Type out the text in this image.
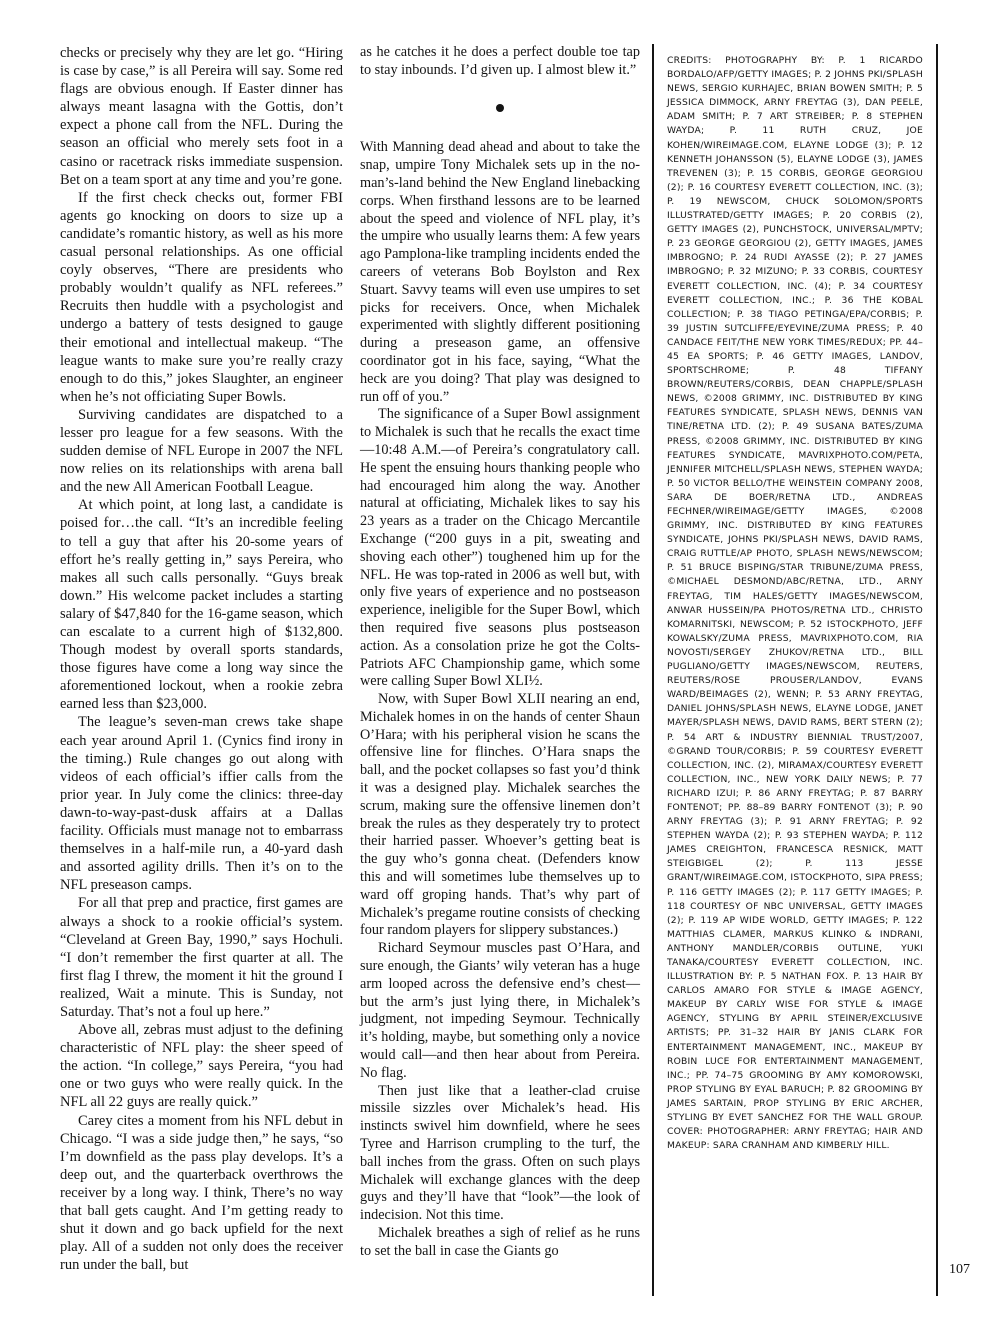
checks or precisely why they are let go. “Hiring is case by case,” is all Pereira will say. Some red flags are obvious enough. If Easter dinner has always meant lasagna with the Gottis, don’t expect a phone call from the NFL. During the season an official who merely sets foot in a casino or racetrack risks immediate suspension. Bet on a team sport at any time and you’re gone.

If the first check checks out, former FBI agents go knocking on doors to size up a candidate’s romantic history, as well as his more casual personal relationships. As one official coyly observes, “There are presidents who probably wouldn’t qualify as NFL referees.” Recruits then huddle with a psychologist and undergo a battery of tests designed to gauge their emotional and intellectual makeup. “The league wants to make sure you’re really crazy enough to do this,” jokes Slaughter, an engineer when he’s not officiating Super Bowls.

Surviving candidates are dispatched to a lesser pro league for a few seasons. With the sudden demise of NFL Europe in 2007 the NFL now relies on its relationships with arena ball and the new All American Football League.

At which point, at long last, a candidate is poised for…the call. “It’s an incredible feeling to tell a guy that after his 20-some years of effort he’s really getting in,” says Pereira, who makes all such calls personally. “Guys break down.” His welcome packet includes a starting salary of $47,840 for the 16-game season, which can escalate to a current high of $132,800. Though modest by overall sports standards, those figures have come a long way since the aforementioned lockout, when a rookie zebra earned less than $23,000.

The league’s seven-man crews take shape each year around April 1. (Cynics find irony in the timing.) Rule changes go out along with videos of each official’s iffier calls from the prior year. In July come the clinics: three-day dawn-to-way-past-dusk affairs at a Dallas facility. Officials must manage not to embarrass themselves in a half-mile run, a 40-yard dash and assorted agility drills. Then it’s on to the NFL preseason camps.

For all that prep and practice, first games are always a shock to a rookie official’s system. “Cleveland at Green Bay, 1990,” says Hochuli. “I don’t remember the first quarter at all. The first flag I threw, the moment it hit the ground I realized, Wait a minute. This is Sunday, not Saturday. That’s not a foul up here.”

Above all, zebras must adjust to the defining characteristic of NFL play: the sheer speed of the action. “In college,” says Pereira, “you had one or two guys who were really quick. In the NFL all 22 guys are really quick.”

Carey cites a moment from his NFL debut in Chicago. “I was a side judge then,” he says, “so I’m downfield as the pass play develops. It’s a deep out, and the quarterback overthrows the receiver by a long way. I think, There’s no way that ball gets caught. And I’m getting ready to shut it down and go back upfield for the next play. All of a sudden not only does the receiver run under the ball, but

as he catches it he does a perfect double toe tap to stay inbounds. I’d given up. I almost blew it.”

With Manning dead ahead and about to take the snap, umpire Tony Michalek sets up in the no-man’s-land behind the New England linebacking corps. When firsthand lessons are to be learned about the speed and violence of NFL play, it’s the umpire who usually learns them: A few years ago Pamplona-like trampling incidents ended the careers of veterans Bob Boylston and Rex Stuart. Savvy teams will even use umpires to set picks for receivers. Once, when Michalek experimented with slightly different positioning during a preseason game, an offensive coordinator got in his face, saying, “What the heck are you doing? That play was designed to run off of you.”

The significance of a Super Bowl assignment to Michalek is such that he recalls the exact time—10:48 A.M.—of Pereira’s congratulatory call. He spent the ensuing hours thanking people who had encouraged him along the way. Another natural at officiating, Michalek likes to say his 23 years as a trader on the Chicago Mercantile Exchange (“200 guys in a pit, sweating and shoving each other”) toughened him up for the NFL. He was top-rated in 2006 as well but, with only five years of experience and no postseason experience, ineligible for the Super Bowl, which then required five seasons plus postseason action. As a consolation prize he got the Colts-Patriots AFC Championship game, which some were calling Super Bowl XLI½.

Now, with Super Bowl XLII nearing an end, Michalek homes in on the hands of center Shaun O’Hara; with his peripheral vision he scans the offensive line for flinches. O’Hara snaps the ball, and the pocket collapses so fast you’d think it was a designed play. Michalek searches the scrum, making sure the offensive linemen don’t break the rules as they desperately try to protect their harried passer. Whoever’s getting beat is the guy who’s gonna cheat. (Defenders know this and will sometimes lube themselves up to ward off groping hands. That’s why part of Michalek’s pregame routine consists of checking four random players for slippery substances.)

Richard Seymour muscles past O’Hara, and sure enough, the Giants’ wily veteran has a huge arm looped across the defensive end’s chest—but the arm’s just lying there, in Michalek’s judgment, not impeding Seymour. Technically it’s holding, maybe, but something only a novice would call—and then hear about from Pereira. No flag.

Then just like that a leather-clad cruise missile sizzles over Michalek’s head. His instincts swivel him downfield, where he sees Tyree and Harrison crumpling to the turf, the ball inches from the grass. Often on such plays Michalek will exchange glances with the deep guys and they’ll have that “look”—the look of indecision. Not this time.

Michalek breathes a sigh of relief as he runs to set the ball in case the Giants go

CREDITS: PHOTOGRAPHY BY: P. 1 RICARDO BORDALO/AFP/GETTY IMAGES; P. 2 JOHNS PKI/SPLASH NEWS, SERGIO KURHAJEC, BRIAN BOWEN SMITH; P. 5 JESSICA DIMMOCK, ARNY FREYTAG (3), DAN PEELE, ADAM SMITH; P. 7 ART STREIBER; P. 8 STEPHEN WAYDA; P. 11 RUTH CRUZ, JOE KOHEN/WIREIMAGE.COM, ELAYNE LODGE (3); P. 12 KENNETH JOHANSSON (5), ELAYNE LODGE (3), JAMES TREVENEN (3); P. 15 CORBIS, GEORGE GEORGIOU (2); P. 16 COURTESY EVERETT COLLECTION, INC. (3); P. 19 NEWSCOM, CHUCK SOLOMON/SPORTS ILLUSTRATED/GETTY IMAGES; P. 20 CORBIS (2), GETTY IMAGES (2), PUNCHSTOCK, UNIVERSAL/MPTV; P. 23 GEORGE GEORGIOU (2), GETTY IMAGES, JAMES IMBROGNO; P. 24 RUDI AYASSE (2); P. 27 JAMES IMBROGNO; P. 32 MIZUNO; P. 33 CORBIS, COURTESY EVERETT COLLECTION, INC. (4); P. 34 COURTESY EVERETT COLLECTION, INC.; P. 36 THE KOBAL COLLECTION; P. 38 TIAGO PETINGA/EPA/CORBIS; P. 39 JUSTIN SUTCLIFFE/EYEVINE/ZUMA PRESS; P. 40 CANDACE FEIT/THE NEW YORK TIMES/REDUX; PP. 44–45 EA SPORTS; P. 46 GETTY IMAGES, LANDOV, SPORTSCHROME; P. 48 TIFFANY BROWN/REUTERS/CORBIS, DEAN CHAPPLE/SPLASH NEWS, ©2008 GRIMMY, INC. DISTRIBUTED BY KING FEATURES SYNDICATE, SPLASH NEWS, DENNIS VAN TINE/RETNA LTD. (2); P. 49 SUSANA BATES/ZUMA PRESS, ©2008 GRIMMY, INC. DISTRIBUTED BY KING FEATURES SYNDICATE, MAVRIXPHOTO.COM/PETA, JENNIFER MITCHELL/SPLASH NEWS, STEPHEN WAYDA; P. 50 VICTOR BELLO/THE WEINSTEIN COMPANY 2008, SARA DE BOER/RETNA LTD., ANDREAS FECHNER/WIREIMAGE/GETTY IMAGES, ©2008 GRIMMY, INC. DISTRIBUTED BY KING FEATURES SYNDICATE, JOHNS PKI/SPLASH NEWS, DAVID RAMS, CRAIG RUTTLE/AP PHOTO, SPLASH NEWS/NEWSCOM; P. 51 BRUCE BISPING/STAR TRIBUNE/ZUMA PRESS, ©MICHAEL DESMOND/ABC/RETNA, LTD., ARNY FREYTAG, TIM HALES/GETTY IMAGES/NEWSCOM, ANWAR HUSSEIN/PA PHOTOS/RETNA LTD., CHRISTO KOMARNITSKI, NEWSCOM; P. 52 ISTOCKPHOTO, JEFF KOWALSKY/ZUMA PRESS, MAVRIXPHOTO.COM, RIA NOVOSTI/SERGEY ZHUKOV/RETNA LTD., BILL PUGLIANO/GETTY IMAGES/NEWSCOM, REUTERS, REUTERS/ROSE PROUSER/LANDOV, EVANS WARD/BEIMAGES (2), WENN; P. 53 ARNY FREYTAG, DANIEL JOHNS/SPLASH NEWS, ELAYNE LODGE, JANET MAYER/SPLASH NEWS, DAVID RAMS, BERT STERN (2); P. 54 ART & INDUSTRY BIENNIAL TRUST/2007, ©GRAND TOUR/CORBIS; P. 59 COURTESY EVERETT COLLECTION, INC. (2), MIRAMAX/COURTESY EVERETT COLLECTION, INC., NEW YORK DAILY NEWS; P. 77 RICHARD IZUI; P. 86 ARNY FREYTAG; P. 87 BARRY FONTENOT; PP. 88–89 BARRY FONTENOT (3); P. 90 ARNY FREYTAG (3); P. 91 ARNY FREYTAG; P. 92 STEPHEN WAYDA (2); P. 93 STEPHEN WAYDA; P. 112 JAMES CREIGHTON, FRANCESCA RESNICK, MATT STEIGBIGEL (2); P. 113 JESSE GRANT/WIREIMAGE.COM, ISTOCKPHOTO, SIPA PRESS; P. 116 GETTY IMAGES (2); P. 117 GETTY IMAGES; P. 118 COURTESY OF NBC UNIVERSAL, GETTY IMAGES (2); P. 119 AP WIDE WORLD, GETTY IMAGES; P. 122 MATTHIAS CLAMER, MARKUS KLINKO & INDRANI, ANTHONY MANDLER/CORBIS OUTLINE, YUKI TANAKA/COURTESY EVERETT COLLECTION, INC. ILLUSTRATION BY: P. 5 NATHAN FOX. P. 13 HAIR BY CARLOS AMARO FOR STYLE & IMAGE AGENCY, MAKEUP BY CARLY WISE FOR STYLE & IMAGE AGENCY, STYLING BY APRIL STEINER/EXCLUSIVE ARTISTS; PP. 31–32 HAIR BY JANIS CLARK FOR ENTERTAINMENT MANAGEMENT, INC., MAKEUP BY ROBIN LUCE FOR ENTERTAINMENT MANAGEMENT, INC.; PP. 74–75 GROOMING BY AMY KOMOROWSKI, PROP STYLING BY EYAL BARUCH; P. 82 GROOMING BY JAMES SARTAIN, PROP STYLING BY ERIC ARCHER, STYLING BY EVET SANCHEZ FOR THE WALL GROUP. COVER: PHOTOGRAPHER: ARNY FREYTAG; HAIR AND MAKEUP: SARA CRANHAM AND KIMBERLY HILL.

107
